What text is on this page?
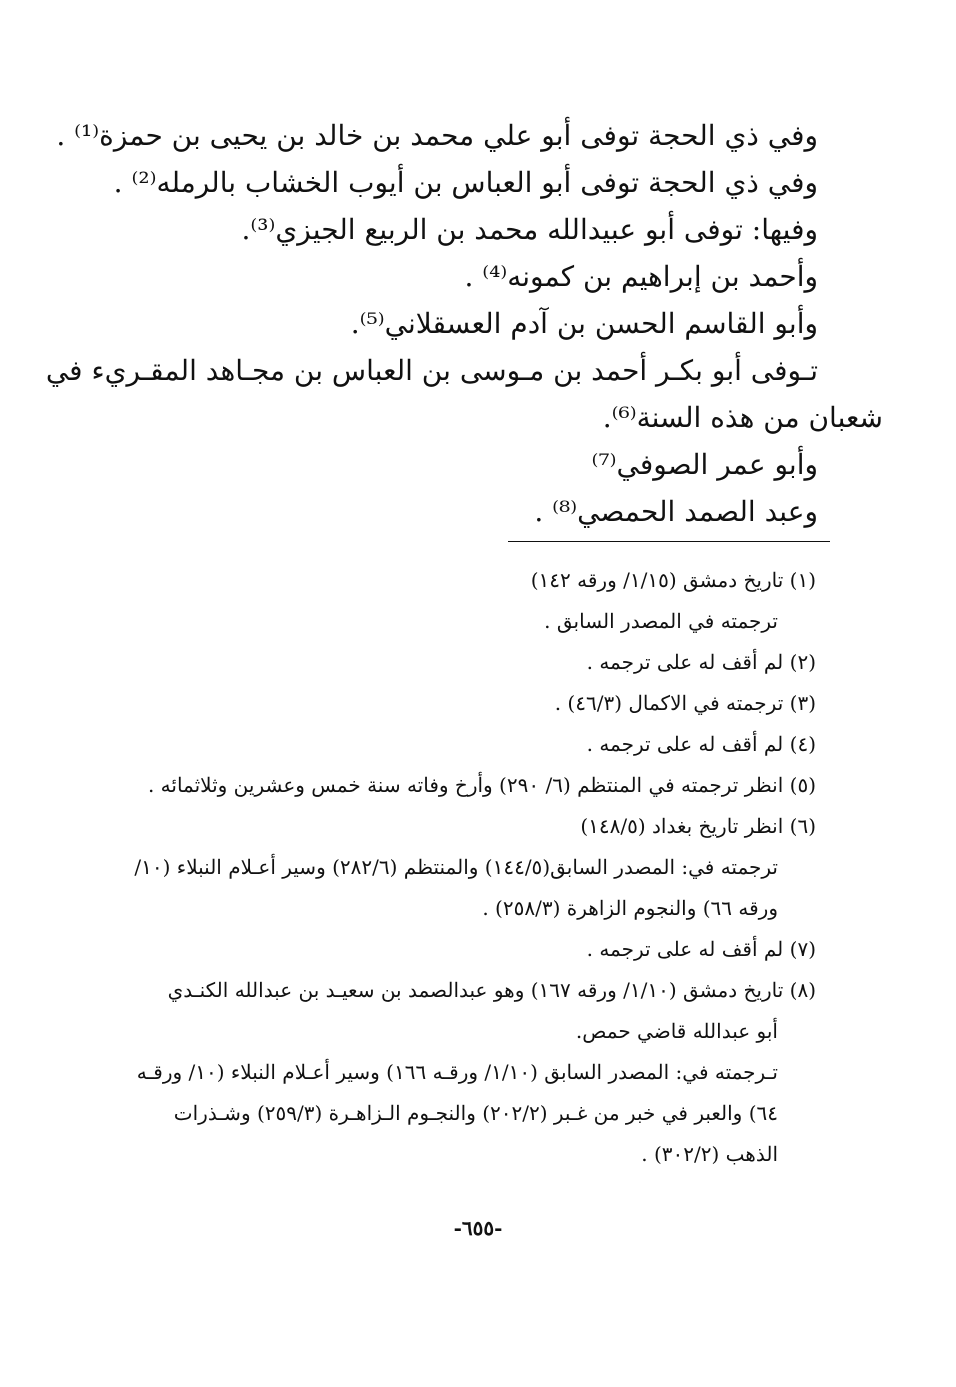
وفي ذي الحجة توفى أبو علي محمد بن خالد بن يحيى بن حمزة⁽¹⁾ .
وفي ذي الحجة توفى أبو العباس بن أيوب الخشاب بالرمله⁽²⁾ .
وفيها: توفى أبو عبيدالله محمد بن الربيع الجيزي⁽³⁾.
وأحمد بن إبراهيم بن كمونه⁽⁴⁾ .
وأبو القاسم الحسن بن آدم العسقلاني⁽⁵⁾.
تـوفى أبو بكـر أحمد بن مـوسى بن العباس بن مجـاهد المقـريء في
شعبان من هذه السنة⁽⁶⁾.
وأبو عمر الصوفي⁽⁷⁾
وعبد الصمد الحمصي⁽⁸⁾ .
(١) تاريخ دمشق (١/١٥/ ورقه ١٤٢)
ترجمته في المصدر السابق .
(٢) لم أقف له على ترجمه .
(٣) ترجمته في الاكمال (٤٦/٣) .
(٤) لم أقف له على ترجمه .
(٥) انظر ترجمته في المنتظم (٦/ ٢٩٠) وأرخ وفاته سنة خمس وعشرين وثلاثمائه .
(٦) انظر تاريخ بغداد (١٤٨/٥)
ترجمته في: المصدر السابق(١٤٤/٥) والمنتظم (٢٨٢/٦) وسير أعـلام النبلاء (١٠/
ورقه ٦٦) والنجوم الزاهرة (٢٥٨/٣) .
(٧) لم أقف له على ترجمه .
(٨) تاريخ دمشق (١/١٠/ ورقه ١٦٧) وهو عبدالصمد بن سعيـد بن عبدالله الكنـدي
أبو عبدالله قاضي حمص.
تـرجمته في: المصدر السابق (١/١٠/ ورقـه ١٦٦) وسير أعـلام النبلاء (١٠/ ورقـه
٦٤) والعبر في خبر من غـبر (٢٠٢/٢) والنجـوم الـزاهـرة (٢٥٩/٣) وشـذرات
الذهب (٣٠٢/٢) .
-٦٥٥-
